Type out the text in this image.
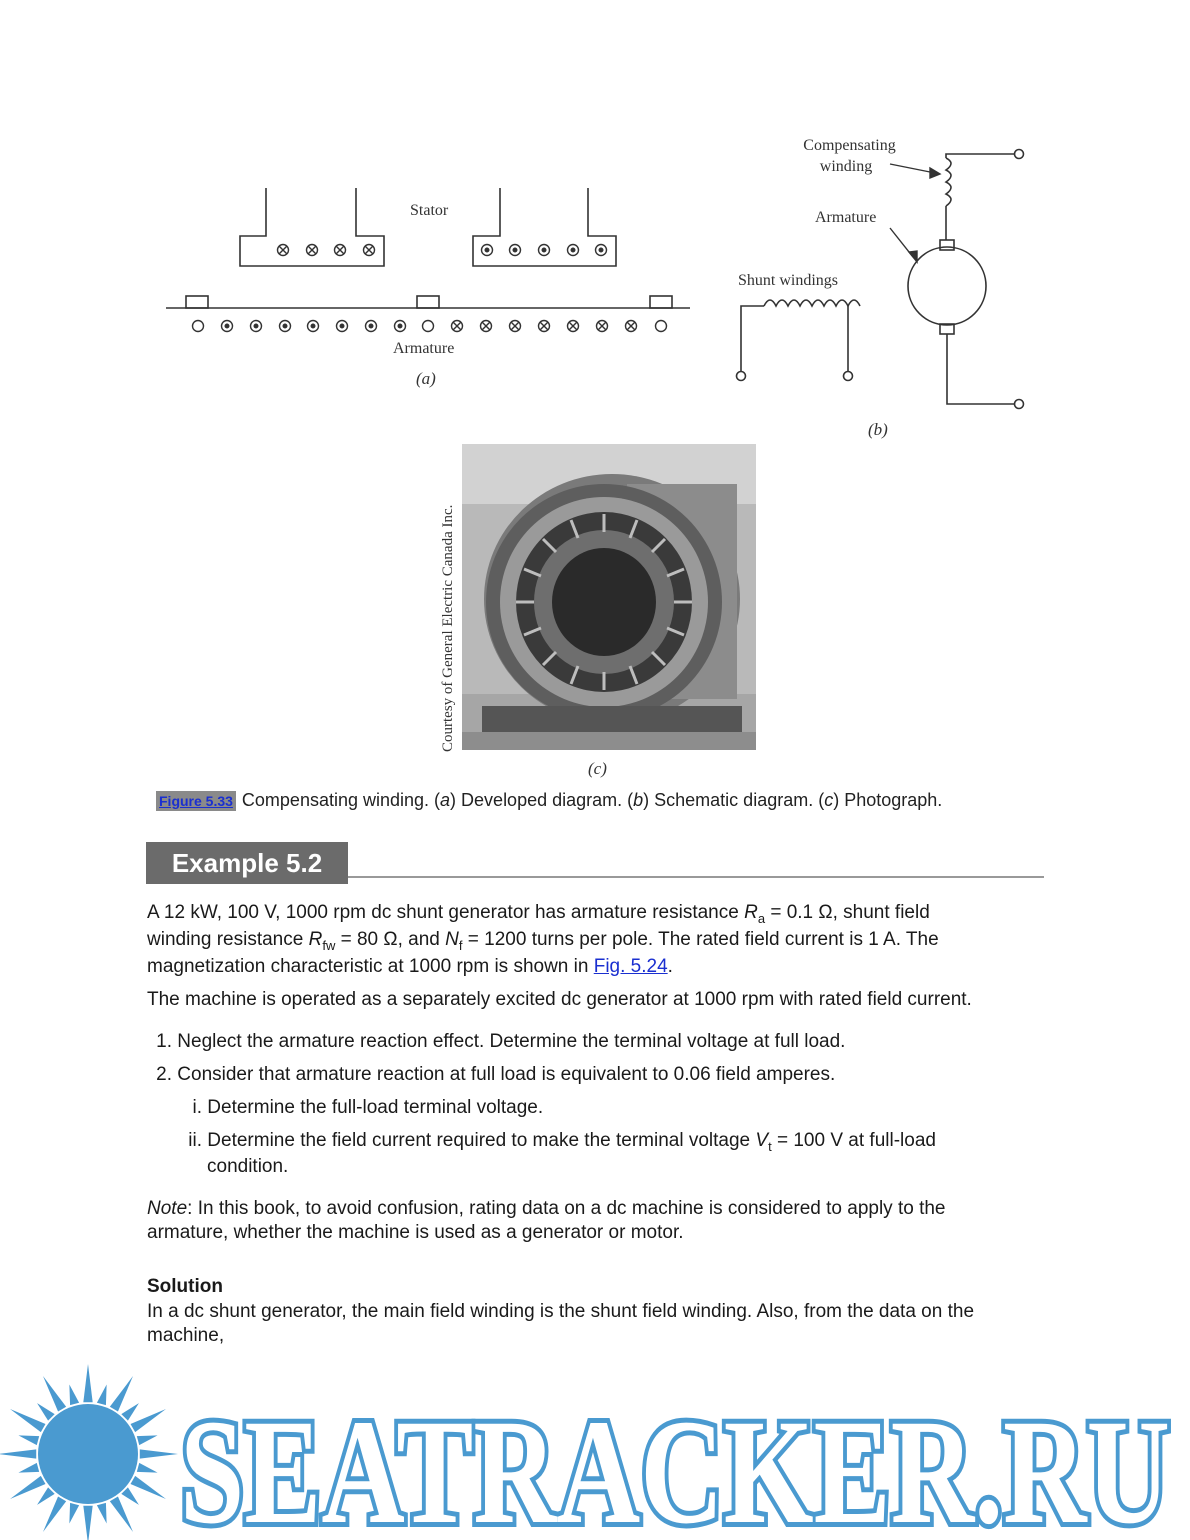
Stator
Armature
(a)
Compensating
winding
Armature
Shunt windings
(b)
Courtesy of General Electric Canada Inc.
(c)
Figure 5.33 Compensating winding. (a) Developed diagram. (b) Schematic diagram. (c) Photograph.
Example 5.2
A 12 kW, 100 V, 1000 rpm dc shunt generator has armature resistance $R_a = 0.1$ Ω, shunt field
winding resistance $R_{fw} = 80$ Ω, and $N_f = 1200$ turns per pole. The rated field current is 1 A. The
magnetization characteristic at 1000 rpm is shown in Fig. 5.24.
The machine is operated as a separately excited dc generator at 1000 rpm with rated field current.
1. Neglect the armature reaction effect. Determine the terminal voltage at full load.
2. Consider that armature reaction at full load is equivalent to 0.06 field amperes.
i. Determine the full-load terminal voltage.
ii. Determine the field current required to make the terminal voltage $V_t = 100$ V at full-load
condition.
Note: In this book, to avoid confusion, rating data on a dc machine is considered to apply to the
armature, whether the machine is used as a generator or motor.
Solution
In a dc shunt generator, the main field winding is the shunt field winding. Also, from the data on the
machine,
SEATRACKER.RU
